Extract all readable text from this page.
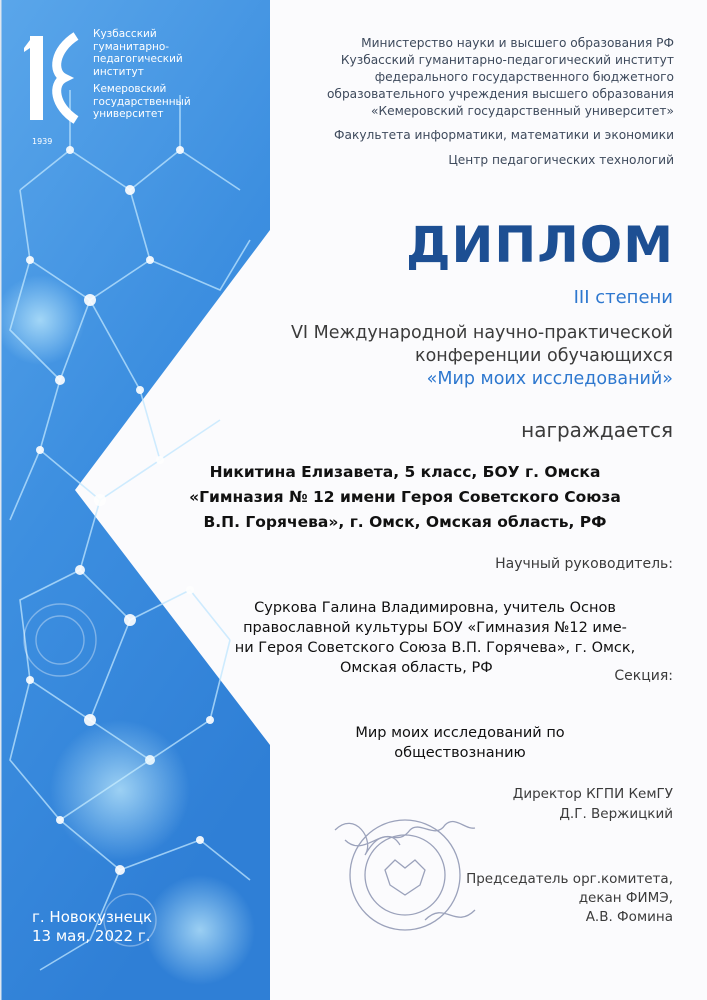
1939
Кузбасский
гуманитарно-
педагогический
институт
Кемеровский
государственный
университет
Министерство науки и высшего образования РФ
Кузбасский гуманитарно-педагогический институт
федерального государственного бюджетного
образовательного учреждения высшего образования
«Кемеровский государственный университет»
Факультета информатики, математики и экономики
Центр педагогических технологий
ДИПЛОМ
III степени
VI Международной научно-практической
конференции обучающихся
«Мир моих исследований»
награждается
Никитина Елизавета, 5 класс, БОУ г. Омска
«Гимназия № 12 имени Героя Советского Союза
В.П. Горячева», г. Омск, Омская область, РФ
Научный руководитель:
Суркова Галина Владимировна, учитель Основ
православной культуры БОУ «Гимназия №12 име-
ни Героя Советского Союза В.П. Горячева», г. Омск,
Омская область, РФ	Секция:
Мир моих исследований по
обществознанию
Директор КГПИ КемГУ
Д.Г. Вержицкий
Председатель орг.комитета,
декан ФИМЭ,
А.В. Фомина
г. Новокузнецк
13 мая, 2022 г.
